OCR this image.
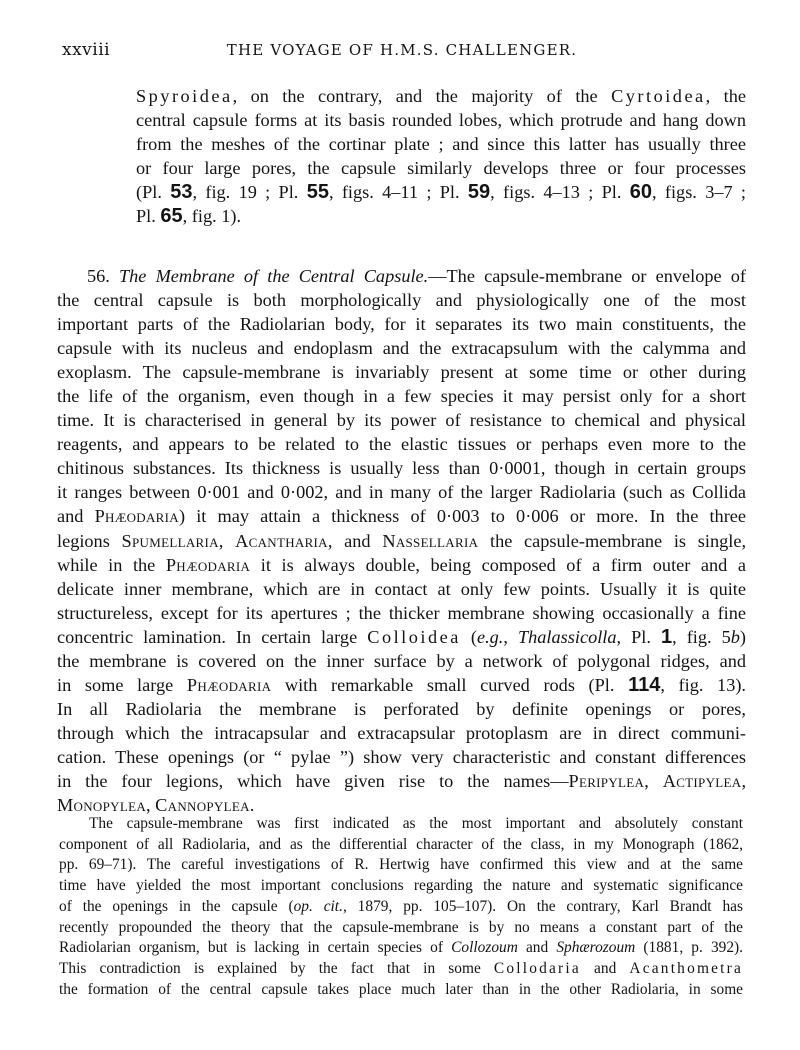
xxviii	THE VOYAGE OF H.M.S. CHALLENGER.
Spyroidea, on the contrary, and the majority of the Cyrtoidea, the
central capsule forms at its basis rounded lobes, which protrude and hang down
from the meshes of the cortinar plate ; and since this latter has usually three
or four large pores, the capsule similarly develops three or four processes
(Pl. 53, fig. 19 ; Pl. 55, figs. 4–11 ; Pl. 59, figs. 4–13 ; Pl. 60, figs. 3–7 ;
Pl. 65, fig. 1).
56. The Membrane of the Central Capsule.—The capsule-membrane or envelope of
the central capsule is both morphologically and physiologically one of the most
important parts of the Radiolarian body, for it separates its two main constituents, the
capsule with its nucleus and endoplasm and the extracapsulum with the calymma and
exoplasm. The capsule-membrane is invariably present at some time or other during
the life of the organism, even though in a few species it may persist only for a short
time. It is characterised in general by its power of resistance to chemical and physical
reagents, and appears to be related to the elastic tissues or perhaps even more to the
chitinous substances. Its thickness is usually less than 0·0001, though in certain groups
it ranges between 0·001 and 0·002, and in many of the larger Radiolaria (such as Collida
and Phæodaria) it may attain a thickness of 0·003 to 0·006 or more. In the three
legions Spumellaria, Acantharia, and Nassellaria the capsule-membrane is single,
while in the Phæodaria it is always double, being composed of a firm outer and a
delicate inner membrane, which are in contact at only few points. Usually it is quite
structureless, except for its apertures ; the thicker membrane showing occasionally a fine
concentric lamination. In certain large Colloidea (e.g., Thalassicolla, Pl. 1, fig. 5b)
the membrane is covered on the inner surface by a network of polygonal ridges, and
in some large Phæodaria with remarkable small curved rods (Pl. 114, fig. 13).
In all Radiolaria the membrane is perforated by definite openings or pores,
through which the intracapsular and extracapsular protoplasm are in direct communi-
cation. These openings (or “ pylae ”) show very characteristic and constant differences
in the four legions, which have given rise to the names—Peripylea, Actipylea,
Monopylea, Cannopylea.
The capsule-membrane was first indicated as the most important and absolutely constant
component of all Radiolaria, and as the differential character of the class, in my Monograph (1862,
pp. 69–71). The careful investigations of R. Hertwig have confirmed this view and at the same
time have yielded the most important conclusions regarding the nature and systematic significance
of the openings in the capsule (op. cit., 1879, pp. 105–107). On the contrary, Karl Brandt has
recently propounded the theory that the capsule-membrane is by no means a constant part of the
Radiolarian organism, but is lacking in certain species of Collozoum and Sphærozoum (1881, p. 392).
This contradiction is explained by the fact that in some Collodaria and Acanthometra
the formation of the central capsule takes place much later than in the other Radiolaria, in some
